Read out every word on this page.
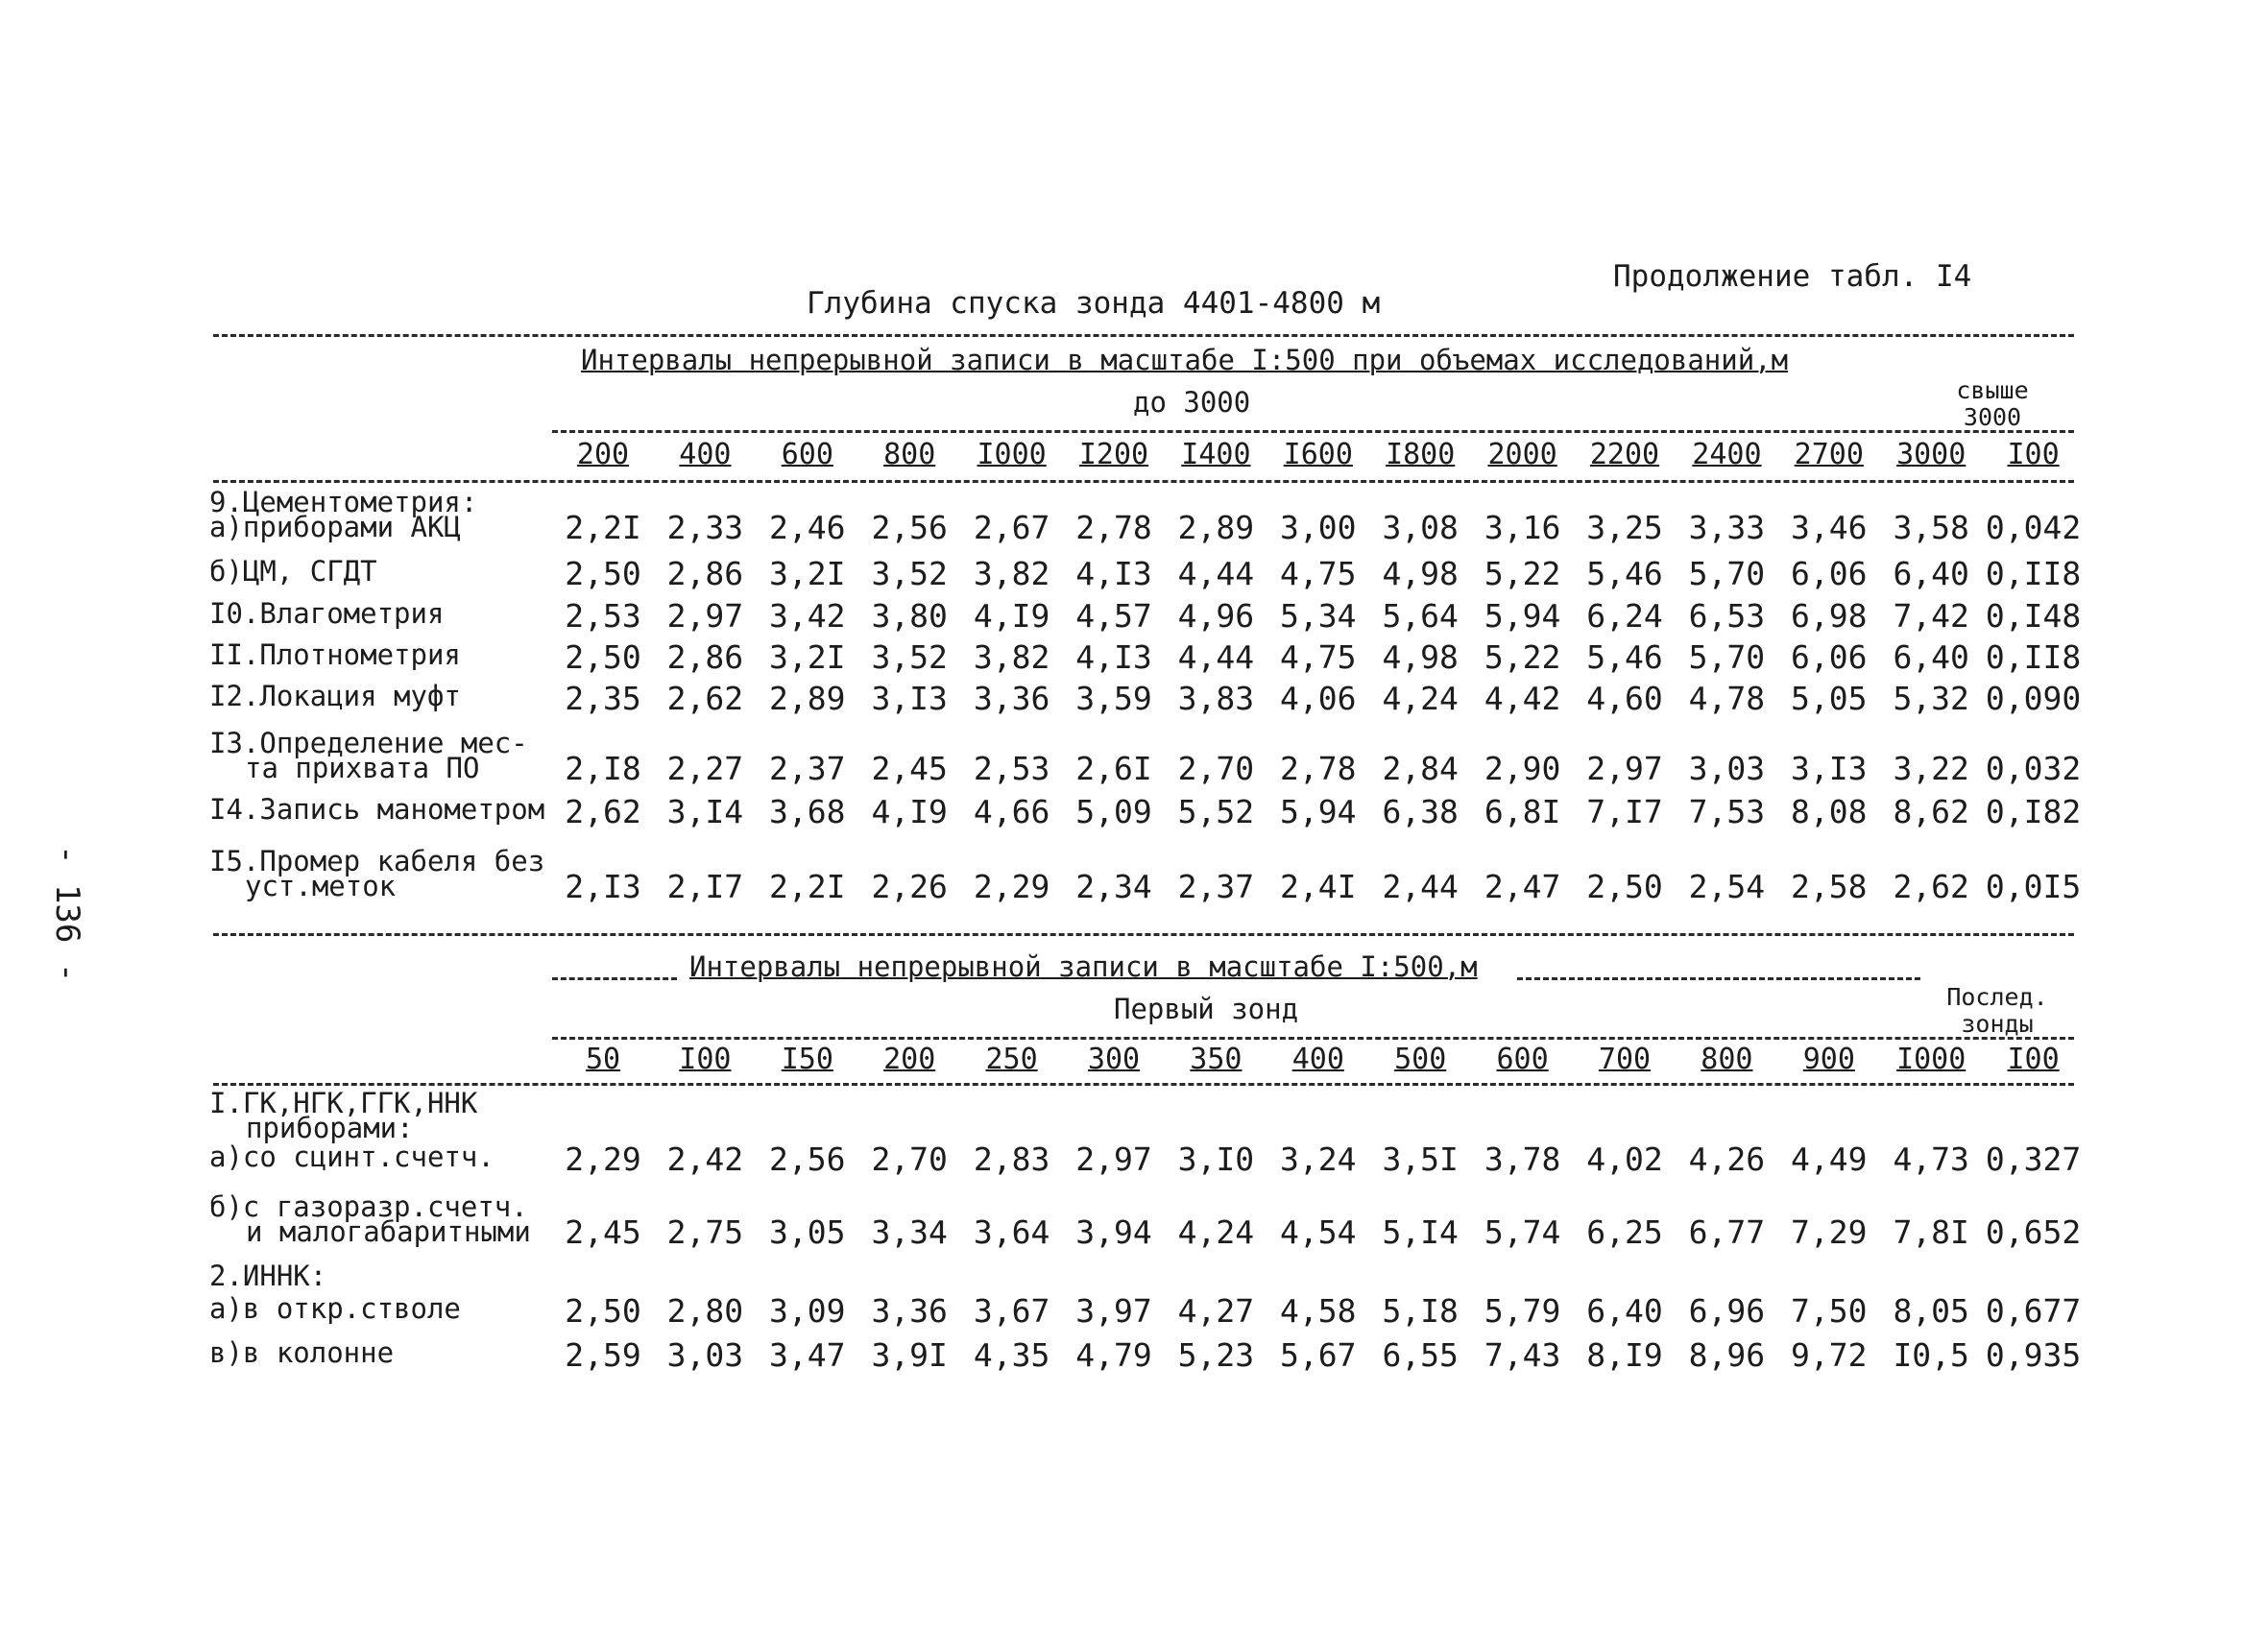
Продолжение табл. I4
Глубина спуска зонда 4401-4800 м
- 136 -
Интервалы непрерывной записи в масштабе I:500 при объемах исследований,м
до 3000	свыше
3000
200	400	600	800	I000	I200	I400	I600	I800	2000	2200	2400	2700	3000	I00
9.Цементометрия:
а)приборами АКЦ	2,2I 2,33 2,46 2,56 2,67 2,78 2,89 3,00 3,08 3,16 3,25 3,33 3,46 3,58 0,042
б)ЦМ, СГДТ	2,50 2,86 3,2I 3,52 3,82 4,I3 4,44 4,75 4,98 5,22 5,46 5,70 6,06 6,40 0,II8
I0.Влагометрия	2,53 2,97 3,42 3,80 4,I9 4,57 4,96 5,34 5,64 5,94 6,24 6,53 6,98 7,42 0,I48
II.Плотнометрия	2,50 2,86 3,2I 3,52 3,82 4,I3 4,44 4,75 4,98 5,22 5,46 5,70 6,06 6,40 0,II8
I2.Локация муфт	2,35 2,62 2,89 3,I3 3,36 3,59 3,83 4,06 4,24 4,42 4,60 4,78 5,05 5,32 0,090
I3.Определение мес-
та прихвата ПО	2,I8 2,27 2,37 2,45 2,53 2,6I 2,70 2,78 2,84 2,90 2,97 3,03 3,I3 3,22 0,032
I4.Запись манометром 2,62 3,I4 3,68 4,I9 4,66 5,09 5,52 5,94 6,38 6,8I 7,I7 7,53 8,08 8,62 0,I82
I5.Промер кабеля без
уст.меток	2,I3 2,I7 2,2I 2,26 2,29 2,34 2,37 2,4I 2,44 2,47 2,50 2,54 2,58 2,62 0,0I5
Интервалы непрерывной записи в масштабе I:500,м
Первый зонд	Послед.
зонды
50	I00	I50	200	250	300	350	400	500	600	700	800	900	I000	I00
I.ГК,НГК,ГГК,ННК
приборами:
а)со сцинт.счетч.	2,29 2,42 2,56 2,70 2,83 2,97 3,I0 3,24 3,5I 3,78 4,02 4,26 4,49 4,73 0,327
б)с газоразр.счетч.
и малогабаритными	2,45 2,75 3,05 3,34 3,64 3,94 4,24 4,54 5,I4 5,74 6,25 6,77 7,29 7,8I 0,652
2.ИННК:
а)в откр.стволе	2,50 2,80 3,09 3,36 3,67 3,97 4,27 4,58 5,I8 5,79 6,40 6,96 7,50 8,05 0,677
в)в колонне	2,59 3,03 3,47 3,9I 4,35 4,79 5,23 5,67 6,55 7,43 8,I9 8,96 9,72 I0,5 0,935
